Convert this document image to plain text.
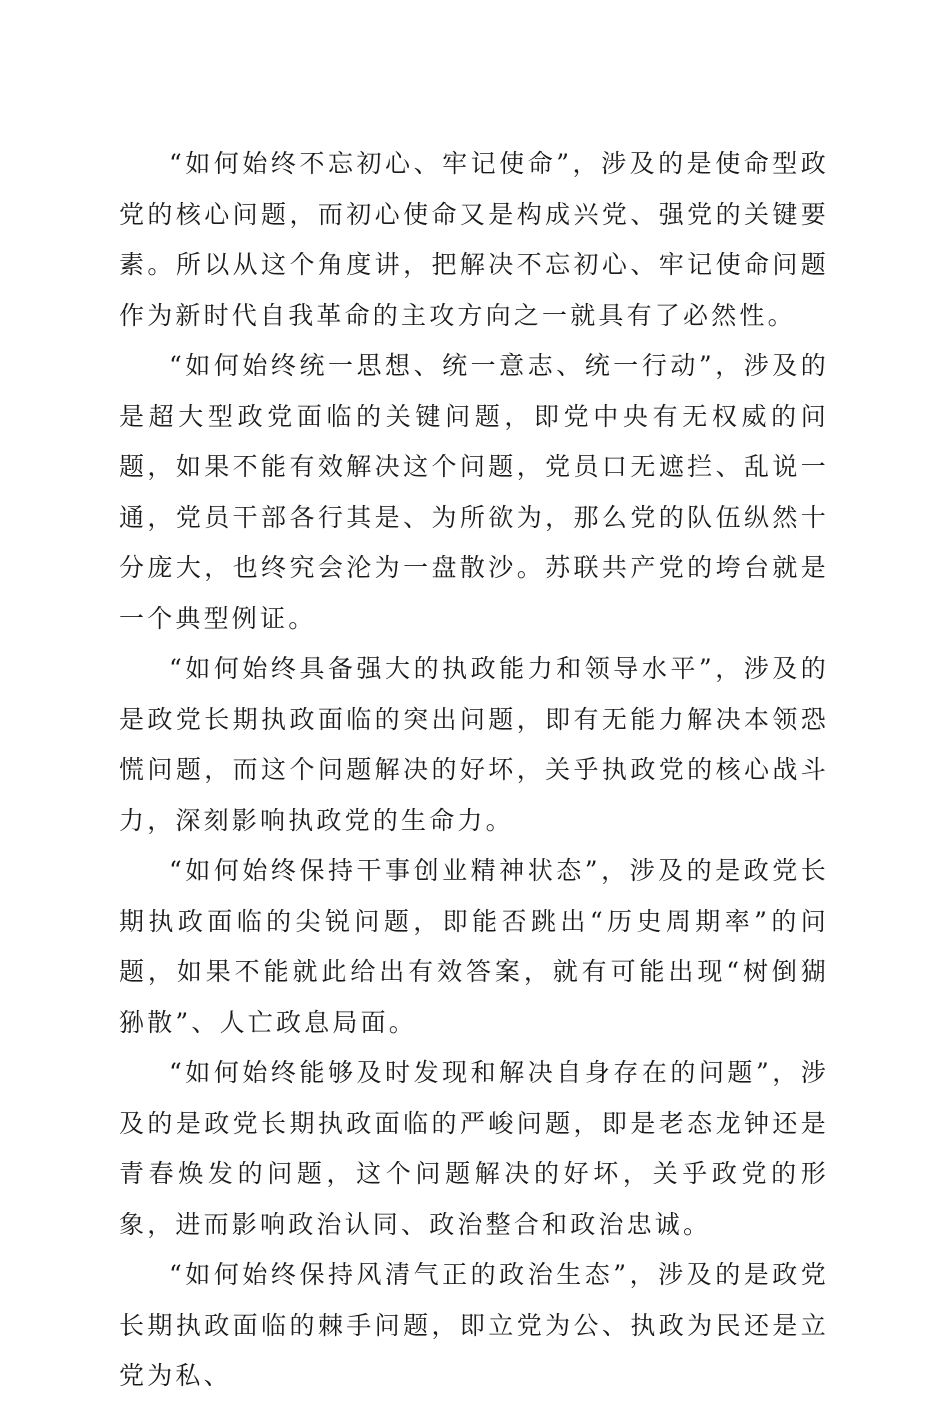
“如何始终不忘初心、牢记使命”，涉及的是使命型政党的核心问题，而初心使命又是构成兴党、强党的关键要素。所以从这个角度讲，把解决不忘初心、牢记使命问题作为新时代自我革命的主攻方向之一就具有了必然性。

“如何始终统一思想、统一意志、统一行动”，涉及的是超大型政党面临的关键问题，即党中央有无权威的问题，如果不能有效解决这个问题，党员口无遮拦、乱说一通，党员干部各行其是、为所欲为，那么党的队伍纵然十分庞大，也终究会沦为一盘散沙。苏联共产党的垮台就是一个典型例证。

“如何始终具备强大的执政能力和领导水平”，涉及的是政党长期执政面临的突出问题，即有无能力解决本领恐慌问题，而这个问题解决的好坏，关乎执政党的核心战斗力，深刻影响执政党的生命力。

“如何始终保持干事创业精神状态”，涉及的是政党长期执政面临的尖锐问题，即能否跳出“历史周期率”的问题，如果不能就此给出有效答案，就有可能出现“树倒猢狲散”、人亡政息局面。

“如何始终能够及时发现和解决自身存在的问题”，涉及的是政党长期执政面临的严峻问题，即是老态龙钟还是青春焕发的问题，这个问题解决的好坏，关乎政党的形象，进而影响政治认同、政治整合和政治忠诚。

“如何始终保持风清气正的政治生态”，涉及的是政党长期执政面临的棘手问题，即立党为公、执政为民还是立党为私、
